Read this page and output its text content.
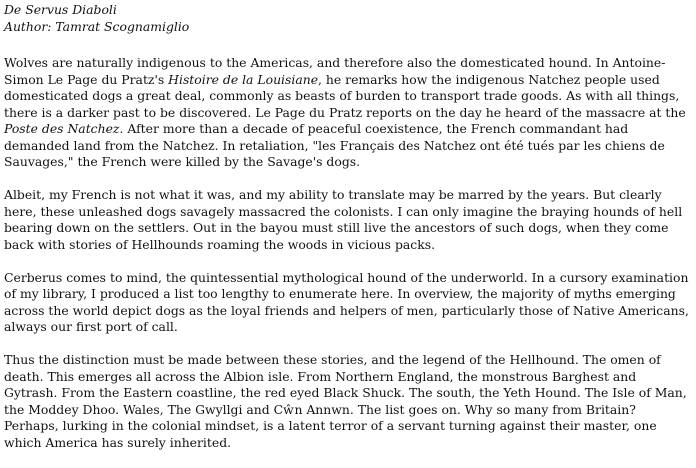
De Servus Diaboli

Author: Tamrat Scognamiglio

Wolves are naturally indigenous to the Americas, and therefore also the domesticated hound. In Antoine-Simon Le Page du Pratz's Histoire de la Louisiane, he remarks how the indigenous Natchez people used domesticated dogs a great deal, commonly as beasts of burden to transport trade goods. As with all things, there is a darker past to be discovered. Le Page du Pratz reports on the day he heard of the massacre at the Poste des Natchez. After more than a decade of peaceful coexistence, the French commandant had demanded land from the Natchez. In retaliation, "les Français des Natchez ont été tués par les chiens de Sauvages," the French were killed by the Savage's dogs.

Albeit, my French is not what it was, and my ability to translate may be marred by the years. But clearly here, these unleashed dogs savagely massacred the colonists. I can only imagine the braying hounds of hell bearing down on the settlers. Out in the bayou must still live the ancestors of such dogs, when they come back with stories of Hellhounds roaming the woods in vicious packs.

Cerberus comes to mind, the quintessential mythological hound of the underworld. In a cursory examination of my library, I produced a list too lengthy to enumerate here. In overview, the majority of myths emerging across the world depict dogs as the loyal friends and helpers of men, particularly those of Native Americans, always our first port of call.

Thus the distinction must be made between these stories, and the legend of the Hellhound. The omen of death. This emerges all across the Albion isle. From Northern England, the monstrous Barghest and Gytrash. From the Eastern coastline, the red eyed Black Shuck. The south, the Yeth Hound. The Isle of Man, the Moddey Dhoo. Wales, The Gwyllgi and Cŵn Annwn. The list goes on. Why so many from Britain? Perhaps, lurking in the colonial mindset, is a latent terror of a servant turning against their master, one which America has surely inherited.
